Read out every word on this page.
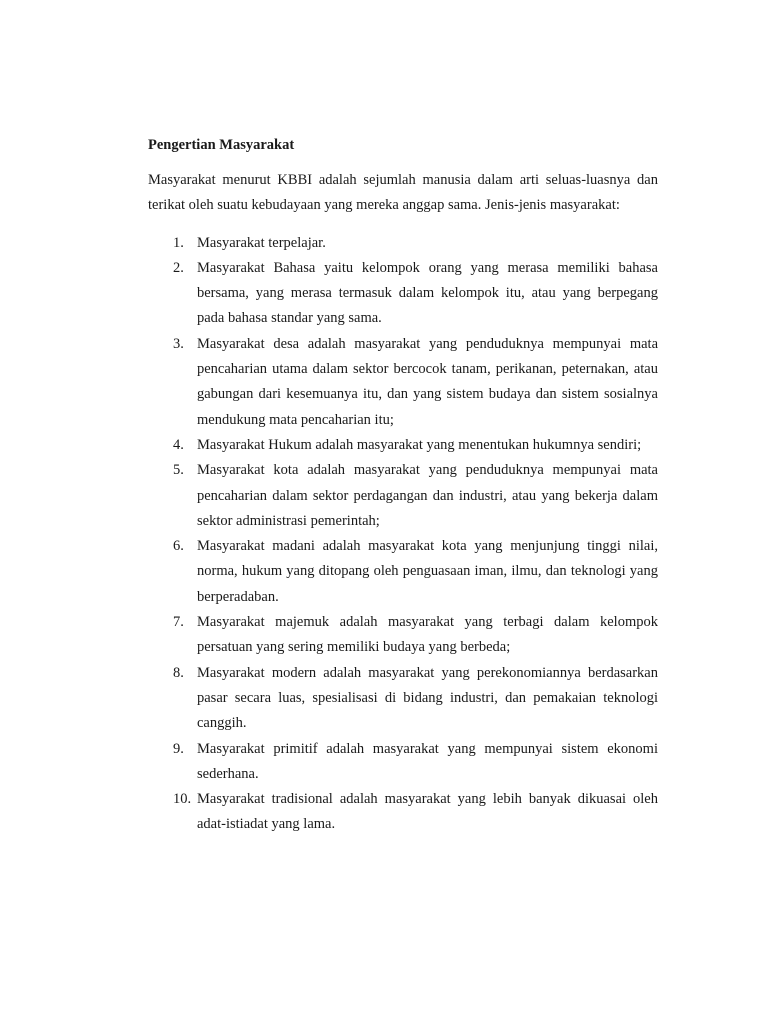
Pengertian Masyarakat

Masyarakat menurut KBBI adalah sejumlah manusia dalam arti seluas-luasnya dan terikat oleh suatu kebudayaan yang mereka anggap sama. Jenis-jenis masyarakat:

1. Masyarakat terpelajar.
2. Masyarakat Bahasa yaitu kelompok orang yang merasa memiliki bahasa bersama, yang merasa termasuk dalam kelompok itu, atau yang berpegang pada bahasa standar yang sama.
3. Masyarakat desa adalah masyarakat yang penduduknya mempunyai mata pencaharian utama dalam sektor bercocok tanam, perikanan, peternakan, atau gabungan dari kesemuanya itu, dan yang sistem budaya dan sistem sosialnya mendukung mata pencaharian itu;
4. Masyarakat Hukum adalah masyarakat yang menentukan hukumnya sendiri;
5. Masyarakat kota adalah masyarakat yang penduduknya mempunyai mata pencaharian dalam sektor perdagangan dan industri, atau yang bekerja dalam sektor administrasi pemerintah;
6. Masyarakat madani adalah masyarakat kota yang menjunjung tinggi nilai, norma, hukum yang ditopang oleh penguasaan iman, ilmu, dan teknologi yang berperadaban.
7. Masyarakat majemuk adalah masyarakat yang terbagi dalam kelompok persatuan yang sering memiliki budaya yang berbeda;
8. Masyarakat modern adalah masyarakat yang perekonomiannya berdasarkan pasar secara luas, spesialisasi di bidang industri, dan pemakaian teknologi canggih.
9. Masyarakat primitif adalah masyarakat yang mempunyai sistem ekonomi sederhana.
10. Masyarakat tradisional adalah masyarakat yang lebih banyak dikuasai oleh adat-istiadat yang lama.
